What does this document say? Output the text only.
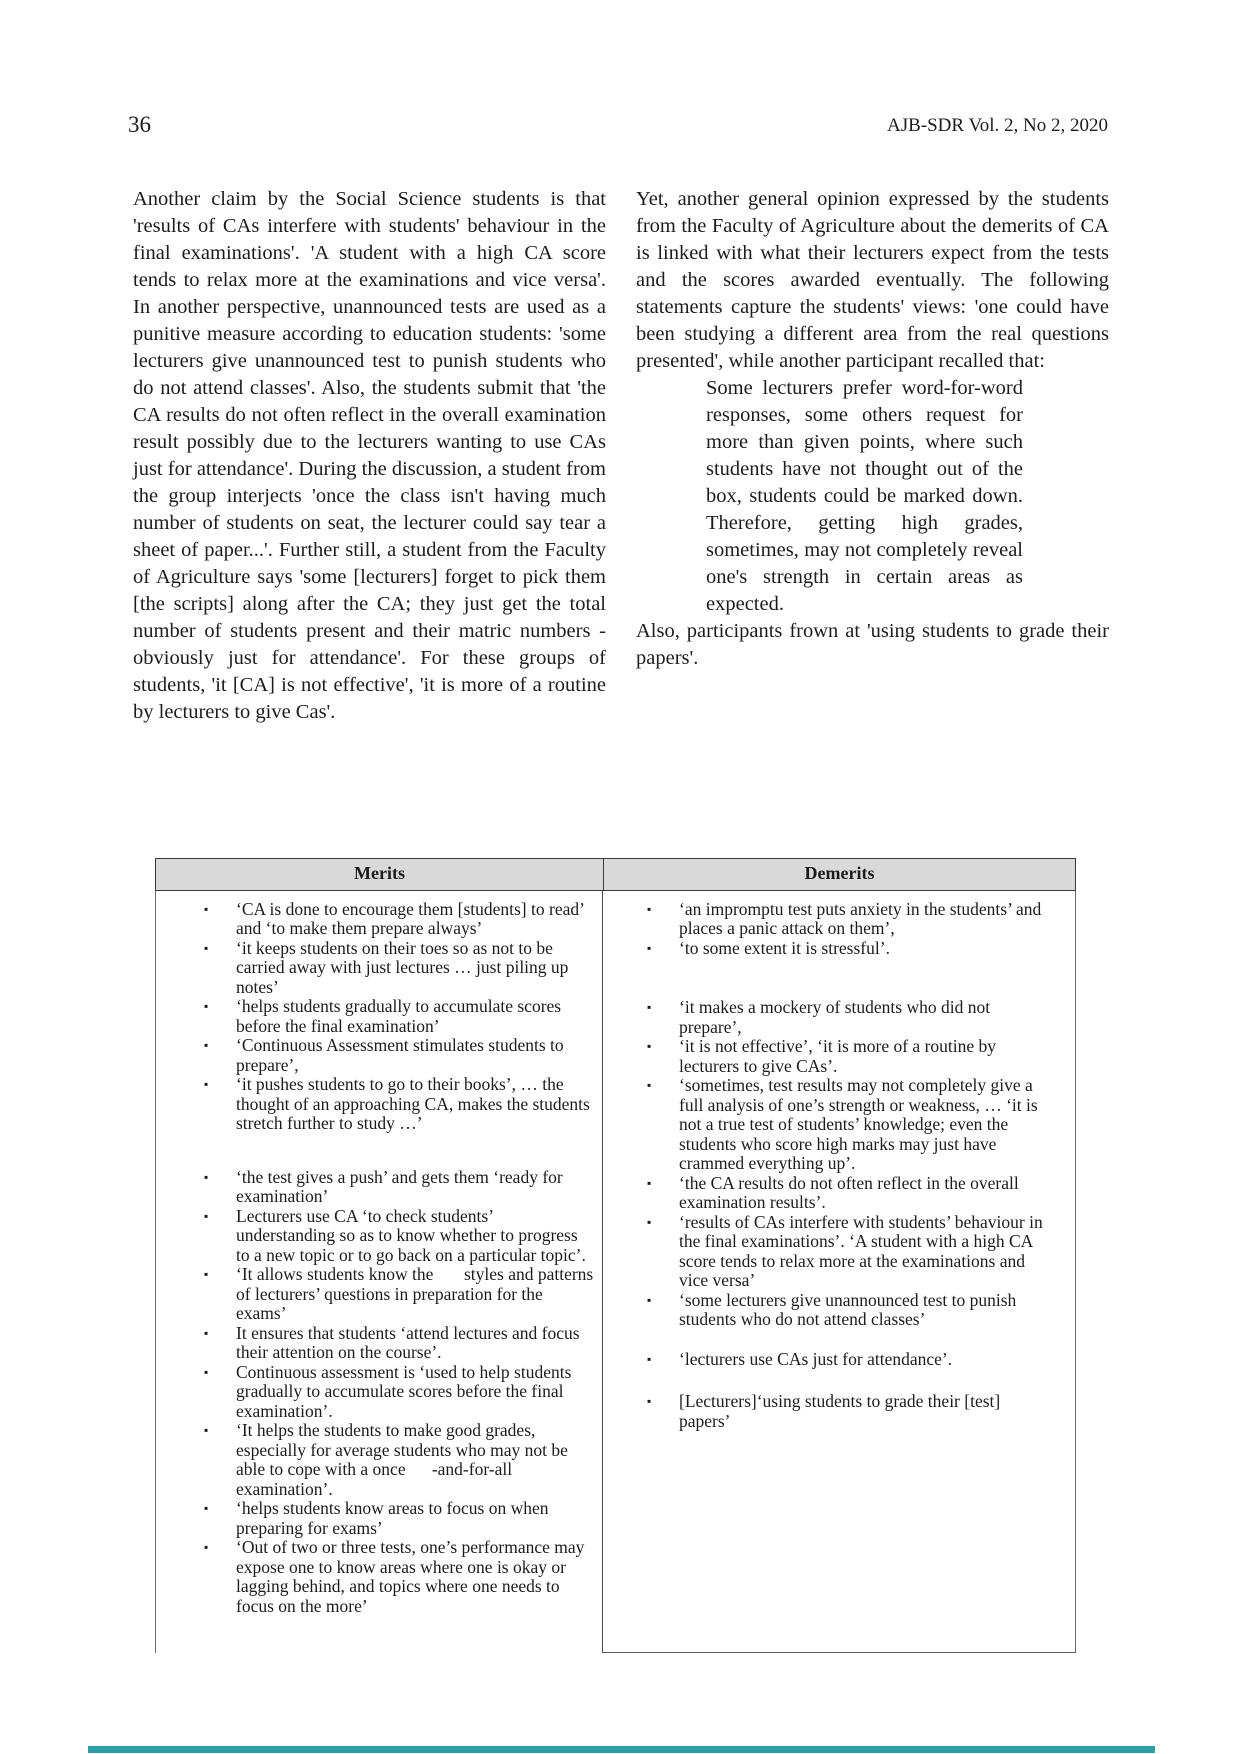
36	AJB-SDR Vol. 2, No 2, 2020

Another claim by the Social Science students is that 'results of CAs interfere with students' behaviour in the final examinations'. 'A student with a high CA score tends to relax more at the examinations and vice versa'. In another perspective, unannounced tests are used as a punitive measure according to education students: 'some lecturers give unannounced test to punish students who do not attend classes'. Also, the students submit that 'the CA results do not often reflect in the overall examination result possibly due to the lecturers wanting to use CAs just for attendance'. During the discussion, a student from the group interjects 'once the class isn't having much number of students on seat, the lecturer could say tear a sheet of paper...'. Further still, a student from the Faculty of Agriculture says 'some [lecturers] forget to pick them [the scripts] along after the CA; they just get the total number of students present and their matric numbers - obviously just for attendance'. For these groups of students, 'it [CA] is not effective', 'it is more of a routine by lecturers to give Cas'.

Yet, another general opinion expressed by the students from the Faculty of Agriculture about the demerits of CA is linked with what their lecturers expect from the tests and the scores awarded eventually. The following statements capture the students' views: 'one could have been studying a different area from the real questions presented', while another participant recalled that:

Some lecturers prefer word-for-word responses, some others request for more than given points, where such students have not thought out of the box, students could be marked down. Therefore, getting high grades, sometimes, may not completely reveal one's strength in certain areas as expected.

Also, participants frown at 'using students to grade their papers'.

Merits	Demerits
▪ ‘CA is done to encourage them [students] to read’ and ‘to make them prepare always’
▪ ‘it keeps students on their toes so as not to be carried away with just lectures … just piling up notes’
▪ ‘helps students gradually to accumulate scores before the final examination’
▪ ‘Continuous Assessment stimulates students to prepare’,
▪ ‘it pushes students to go to their books’, … the thought of an approaching CA, makes the students stretch further to study …’
▪ ‘the test gives a push’ and gets them ‘ready for examination’
▪ Lecturers use CA ‘to check students’ understanding so as to know whether to progress to a new topic or to go back on a particular topic’.
▪ ‘It allows students know the       styles and patterns of lecturers’ questions in preparation for the exams’
▪ It ensures that students ‘attend lectures and focus their attention on the course’.
▪ Continuous assessment is ‘used to help students gradually to accumulate scores before the final examination’.
▪ ‘It helps the students to make good grades, especially for average students who may not be able to cope with a once      -and-for-all examination’.
▪ ‘helps students know areas to focus on when preparing for exams’
▪ ‘Out of two or three tests, one’s performance may expose one to know areas where one is okay or lagging behind, and topics where one needs to focus on the more’
▪ ‘an impromptu test puts anxiety in the students’ and places a panic attack on them’,
▪ ‘to some extent it is stressful’.
▪ ‘it makes a mockery of students who did not prepare’,
▪ ‘it is not effective’, ‘it is more of a routine by lecturers to give CAs’.
▪ ‘sometimes, test results may not completely give a full analysis of one’s strength or weakness, … ‘it is not a true test of students’ knowledge; even the students who score high marks may just have crammed everything up’.
▪ ‘the CA results do not often reflect in the overall examination results’.
▪ ‘results of CAs interfere with students’ behaviour in the final examinations’. ‘A student with a high CA score tends to relax more at the examinations and vice versa’
▪ ‘some lecturers give unannounced test to punish students who do not attend classes’
▪ ‘lecturers use CAs just for attendance’.
▪ [Lecturers]‘using students to grade their [test] papers’
